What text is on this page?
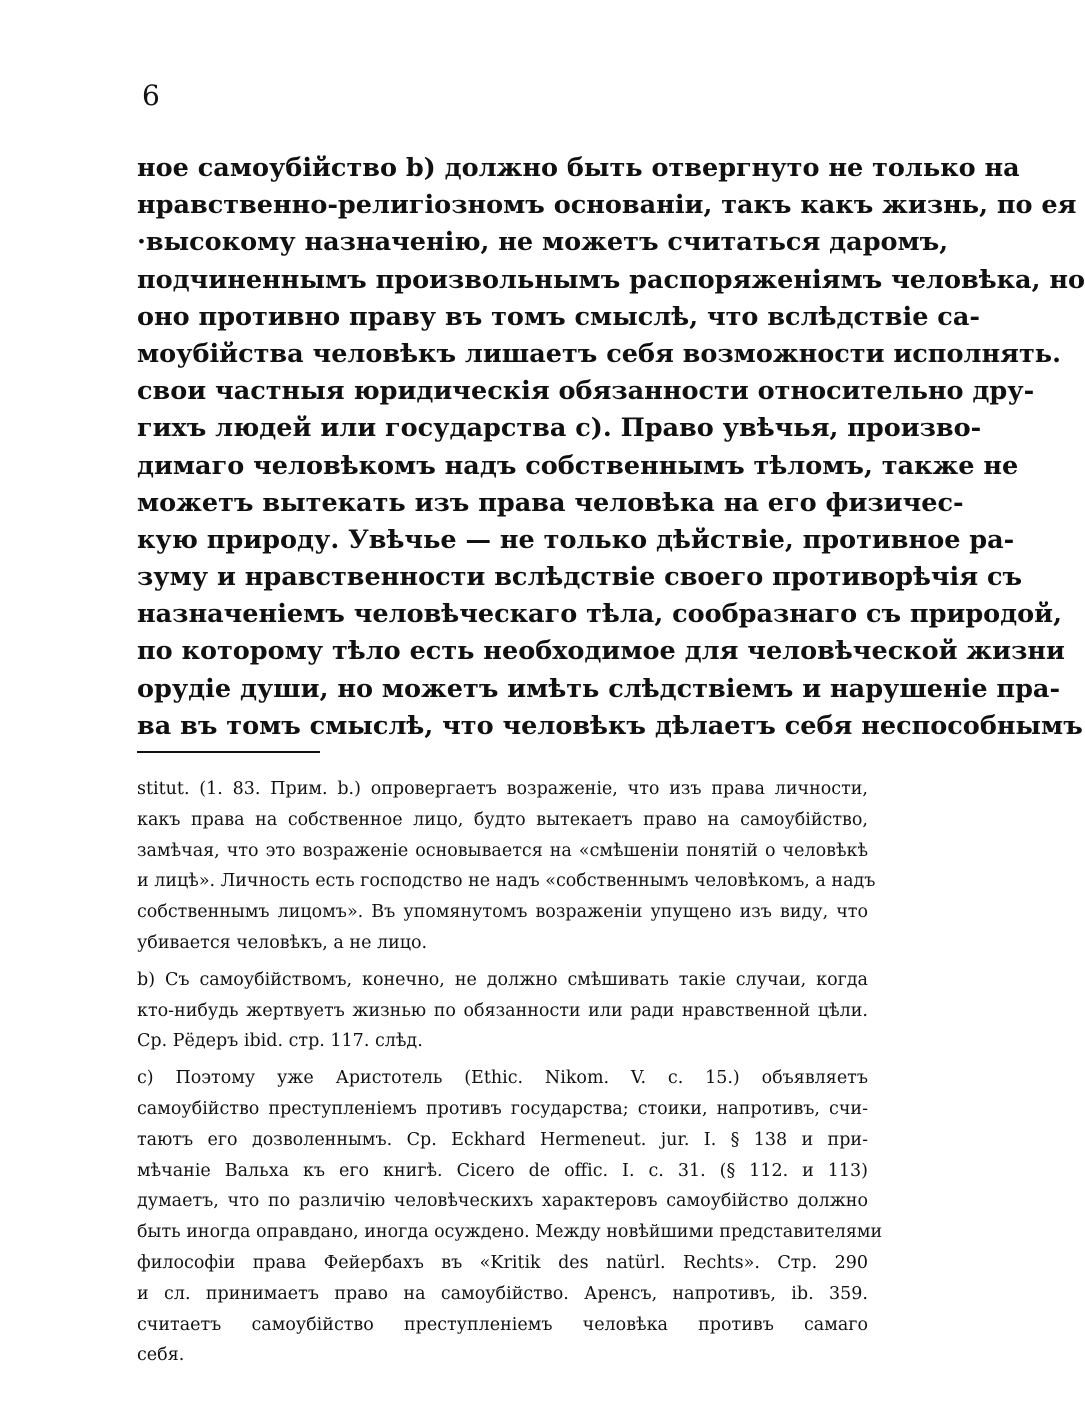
6
ное самоубійство b) должно быть отвергнуто не только на
нравственно-религіозномъ основаніи, такъ какъ жизнь, по ея
·высокому назначенію, не можетъ считаться даромъ,
подчиненнымъ произвольнымъ распоряженіямъ человѣка, но
оно противно праву въ томъ смыслѣ, что вслѣдствіе са-
моубійства человѣкъ лишаетъ себя возможности исполнять.
свои частныя юридическія обязанности относительно дру-
гихъ людей или государства c). Право увѣчья, произво-
димаго человѣкомъ надъ собственнымъ тѣломъ, также не
можетъ вытекать изъ права человѣка на его физичес-
кую природу. Увѣчье — не только дѣйствіе, противное ра-
зуму и нравственности вслѣдствіе своего противорѣчія съ
назначеніемъ человѣческаго тѣла, сообразнаго съ природой,
по которому тѣло есть необходимое для человѣческой жизни
орудіе души, но можетъ имѣть слѣдствіемъ и нарушеніе пра-
ва въ томъ смыслѣ, что человѣкъ дѣлаетъ себя неспособнымъ
stitut. (1. 83. Прим. b.) опровергаетъ возраженіе, что изъ права личности,
какъ права на собственное лицо, будто вытекаетъ право на самоубійство,
замѣчая, что это возраженіе основывается на «смѣшеніи понятій о человѣкѣ
и лицѣ». Личность есть господство не надъ «собственнымъ человѣкомъ, а надъ
собственнымъ лицомъ». Въ упомянутомъ возраженіи упущено изъ виду, что
убивается человѣкъ, а не лицо.
b) Съ самоубійствомъ, конечно, не должно смѣшивать такіе случаи, когда
кто-нибудь жертвуетъ жизнью по обязанности или ради нравственной цѣли.
Ср. Рёдеръ ibid. стр. 117. слѣд.
c) Поэтому уже Аристотель (Ethic. Nikom. V. c. 15.) объявляетъ
самоубійство преступленіемъ противъ государства; стоики, напротивъ, счи-
таютъ его дозволеннымъ. Ср. Eckhard Hermeneut. jur. I. § 138 и при-
мѣчаніе Вальха къ его книгѣ. Cicero de offic. I. c. 31. (§ 112. и 113)
думаетъ, что по различію человѣческихъ характеровъ самоубійство должно
быть иногда оправдано, иногда осуждено. Между новѣйшими представителями
философіи права Фейербахъ въ «Kritik des natürl. Rechts». Стр. 290
и сл. принимаетъ право на самоубійство. Аренсъ, напротивъ, ib. 359.
считаетъ самоубійство преступленіемъ человѣка противъ самаго
себя.
